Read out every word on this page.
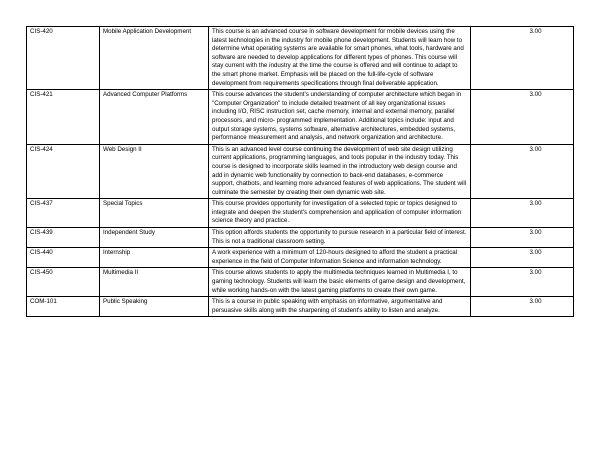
CIS-420	Mobile Application Development	This course is an advanced course in software development for mobile devices using the latest technologies in the industry for mobile phone development. Students will learn how to determine what operating systems are available for smart phones, what tools, hardware and software are needed to develop applications for different types of phones. This course will stay current with the industry at the time the course is offered and will continue to adapt to the smart phone market. Emphasis will be placed on the full-life-cycle of software development from requirements specifications through final deliverable application.	3.00
CIS-421	Advanced Computer Platforms	This course advances the student's understanding of computer architecture which began in "Computer Organization" to include detailed treatment of all key organizational issues including I/O, RISC instruction set, cache memory, internal and external memory, parallel processors, and micro- programmed implementation. Additional topics include: input and output storage systems, systems software, alternative architectures, embedded systems, performance measurement and analysis, and network organization and architecture.	3.00
CIS-424	Web Design II	This is an advanced level course continuing the development of web site design utilizing current applications, programming languages, and tools popular in the industry today. This course is designed to incorporate skills learned in the introductory web design course and add in dynamic web functionality by connection to back-end databases, e-commerce support, chatbots, and learning more advanced features of web applications. The student will culminate the semester by creating their own dynamic web site.	3.00
CIS-437	Special Topics	This course provides opportunity for investigation of a selected topic or topics designed to integrate and deepen the student's comprehension and application of computer information science theory and practice.	3.00
CIS-439	Independent Study	This option affords students the opportunity to pursue research in a particular field of interest. This is not a traditional classroom setting.	3.00
CIS-440	Internship	A work experience with a minimum of 120-hours designed to afford the student a practical experience in the field of Computer Information Science and information technology.	3.00
CIS-450	Multimedia II	This course allows students to apply the multimedia techniques learned in Multimedia I, to gaming technology. Students will learn the basic elements of game design and development, while working hands-on with the latest gaming platforms to create their own game.	3.00
COM-101	Public Speaking	This is a course in public speaking with emphasis on informative, argumentative and persuasive skills along with the sharpening of student's ability to listen and analyze.	3.00
